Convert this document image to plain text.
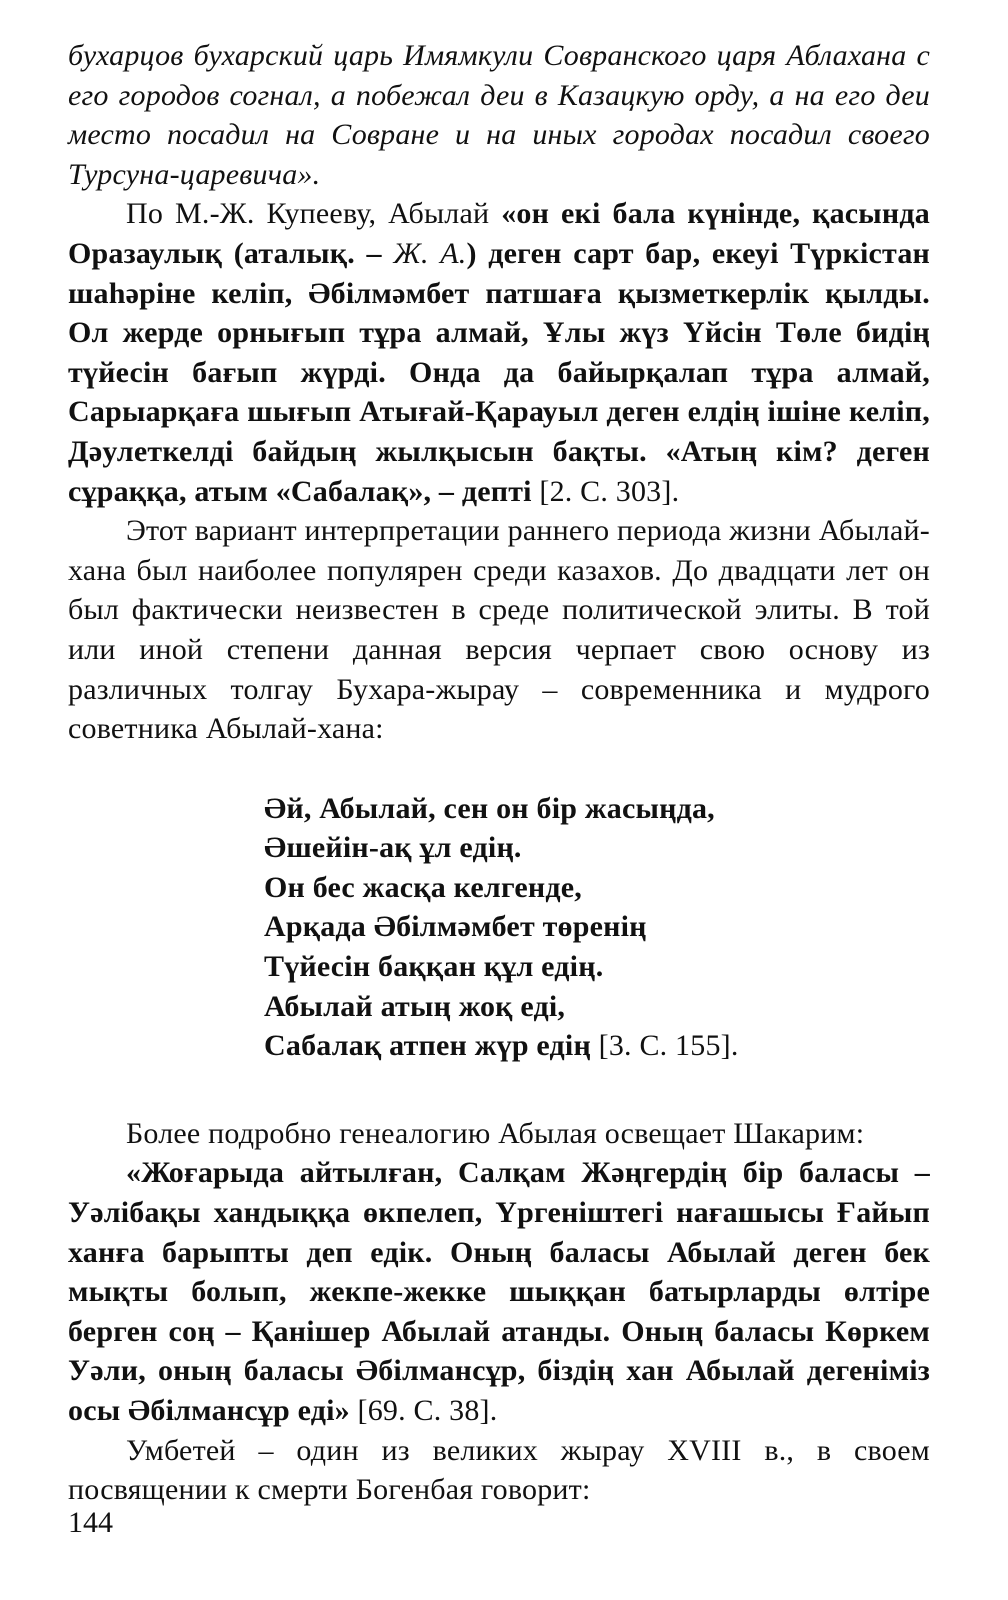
бухарцов бухарский царь Имямкули Совранского царя Аблахана с его городов согнал, а побежал деи в Казацкую орду, а на его деи место посадил на Совране и на иных городах посадил своего Турсуна-царевича».

По М.-Ж. Купееву, Абылай «он екі бала күнінде, қасында Оразаулық (аталық. – Ж. А.) деген сарт бар, екеуі Түркістан шаһәріне келіп, Әбілмәмбет патшаға қызметкерлік қылды. Ол жерде орнығып тұра алмай, Ұлы жүз Үйсін Төле бидің түйесін бағып жүрді. Онда да байырқалап тұра алмай, Сарыарқаға шығып Атығай-Қарауыл деген елдің ішіне келіп, Дәулеткелді байдың жылқысын бақты. «Атың кім? деген сұраққа, атым «Сабалақ», – депті [2. С. 303].

Этот вариант интерпретации раннего периода жизни Абылай-хана был наиболее популярен среди казахов. До двадцати лет он был фактически неизвестен в среде политической элиты. В той или иной степени данная версия черпает свою основу из различных толгау Бухара-жырау – современника и мудрого советника Абылай-хана:

Әй, Абылай, сен он бір жасыңда,
Әшейін-ақ ұл едің.
Он бес жасқа келгенде,
Арқада Әбілмәмбет төренің
Түйесін баққан құл едің.
Абылай атың жоқ еді,
Сабалақ атпен жүр едің [3. С. 155].

Более подробно генеалогию Абылая освещает Шакарим:

«Жоғарыда айтылған, Салқам Жәңгердің бір баласы – Уәлібақы хандыққа өкпелеп, Үргеніштегі нағашысы Ғайып ханға барыпты деп едік. Оның баласы Абылай деген бек мықты болып, жекпе-жекке шыққан батырларды өлтіре берген соң – Қанішер Абылай атанды. Оның баласы Көркем Уәли, оның баласы Әбілмансұр, біздің хан Абылай дегеніміз осы Әбілмансұр еді» [69. С. 38].

Умбетей – один из великих жырау XVIII в., в своем посвящении к смерти Богенбая говорит:

144
